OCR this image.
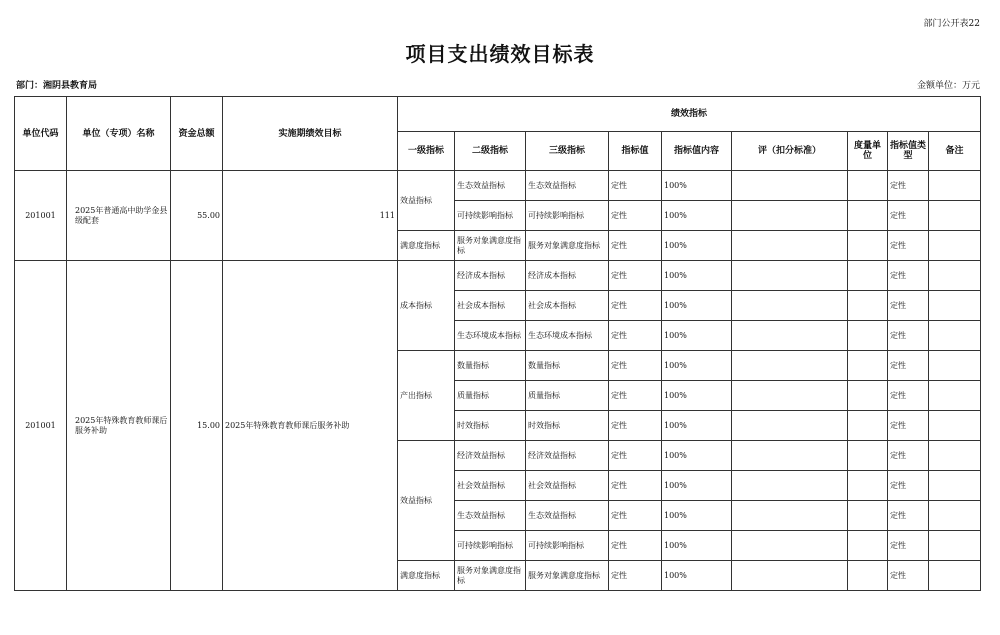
部门公开表22
项目支出绩效目标表
部门：湘阴县教育局	金额单位：万元
单位代码	单位（专项）名称	资金总额	实施期绩效目标	绩效指标								
				一级指标	二级指标	三级指标	指标值	指标值内容	评（扣分标准）	度量单位	指标值类型	备注
201001	2025年普通高中助学金县级配套	55.00	111	效益指标	生态效益指标	生态效益指标	定性	100%			定性	
					可持续影响指标	可持续影响指标	定性	100%			定性	
				满意度指标	服务对象满意度指标	服务对象满意度指标	定性	100%			定性	
201001	2025年特殊教育教师课后服务补助	15.00	2025年特殊教育教师课后服务补助	成本指标	经济成本指标	经济成本指标	定性	100%			定性	
					社会成本指标	社会成本指标	定性	100%			定性	
					生态环境成本指标	生态环境成本指标	定性	100%			定性	
				产出指标	数量指标	数量指标	定性	100%			定性	
					质量指标	质量指标	定性	100%			定性	
					时效指标	时效指标	定性	100%			定性	
				效益指标	经济效益指标	经济效益指标	定性	100%			定性	
					社会效益指标	社会效益指标	定性	100%			定性	
					生态效益指标	生态效益指标	定性	100%			定性	
					可持续影响指标	可持续影响指标	定性	100%			定性	
				满意度指标	服务对象满意度指标	服务对象满意度指标	定性	100%			定性	
